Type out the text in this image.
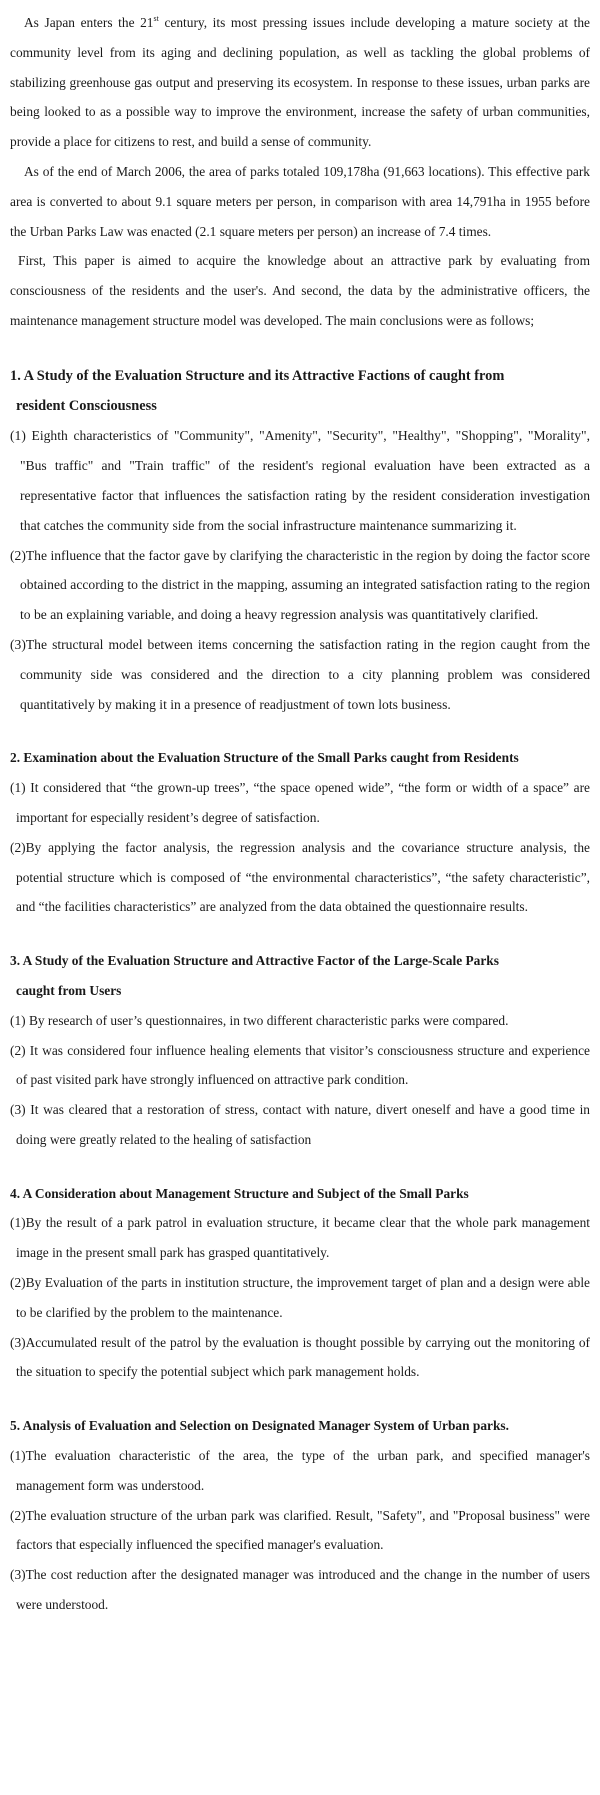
As Japan enters the 21st century, its most pressing issues include developing a mature society at the community level from its aging and declining population, as well as tackling the global problems of stabilizing greenhouse gas output and preserving its ecosystem. In response to these issues, urban parks are being looked to as a possible way to improve the environment, increase the safety of urban communities, provide a place for citizens to rest, and build a sense of community.

As of the end of March 2006, the area of parks totaled 109,178ha (91,663 locations). This effective park area is converted to about 9.1 square meters per person, in comparison with area 14,791ha in 1955 before the Urban Parks Law was enacted (2.1 square meters per person) an increase of 7.4 times.

First, This paper is aimed to acquire the knowledge about an attractive park by evaluating from consciousness of the residents and the user's. And second, the data by the administrative officers, the maintenance management structure model was developed. The main conclusions were as follows;

1. A Study of the Evaluation Structure and its Attractive Factions of caught from
resident Consciousness

(1) Eighth characteristics of "Community", "Amenity", "Security", "Healthy", "Shopping", "Morality", "Bus traffic" and "Train traffic" of the resident's regional evaluation have been extracted as a representative factor that influences the satisfaction rating by the resident consideration investigation that catches the community side from the social infrastructure maintenance summarizing it.

(2)The influence that the factor gave by clarifying the characteristic in the region by doing the factor score obtained according to the district in the mapping, assuming an integrated satisfaction rating to the region to be an explaining variable, and doing a heavy regression analysis was quantitatively clarified.

(3)The structural model between items concerning the satisfaction rating in the region caught from the community side was considered and the direction to a city planning problem was considered quantitatively by making it in a presence of readjustment of town lots business.

2. Examination about the Evaluation Structure of the Small Parks caught from Residents

(1) It considered that “the grown-up trees”, “the space opened wide”, “the form or width of a space” are important for especially resident’s degree of satisfaction.

(2)By applying the factor analysis, the regression analysis and the covariance structure analysis, the potential structure which is composed of “the environmental characteristics”, “the safety characteristic”, and “the facilities characteristics” are analyzed from the data obtained the questionnaire results.

3. A Study of the Evaluation Structure and Attractive Factor of the Large-Scale Parks
caught from Users

(1) By research of user’s questionnaires, in two different characteristic parks were compared.

(2) It was considered four influence healing elements that visitor’s consciousness structure and experience of past visited park have strongly influenced on attractive park condition.

(3) It was cleared that a restoration of stress, contact with nature, divert oneself and have a good time in doing were greatly related to the healing of satisfaction

4. A Consideration about Management Structure and Subject of the Small Parks

(1)By the result of a park patrol in evaluation structure, it became clear that the whole park management image in the present small park has grasped quantitatively.

(2)By Evaluation of the parts in institution structure, the improvement target of plan and a design were able to be clarified by the problem to the maintenance.

(3)Accumulated result of the patrol by the evaluation is thought possible by carrying out the monitoring of the situation to specify the potential subject which park management holds.

5. Analysis of Evaluation and Selection on Designated Manager System of Urban parks.

(1)The evaluation characteristic of the area, the type of the urban park, and specified manager's management form was understood.

(2)The evaluation structure of the urban park was clarified. Result, "Safety", and "Proposal business" were factors that especially influenced the specified manager's evaluation.

(3)The cost reduction after the designated manager was introduced and the change in the number of users were understood.
